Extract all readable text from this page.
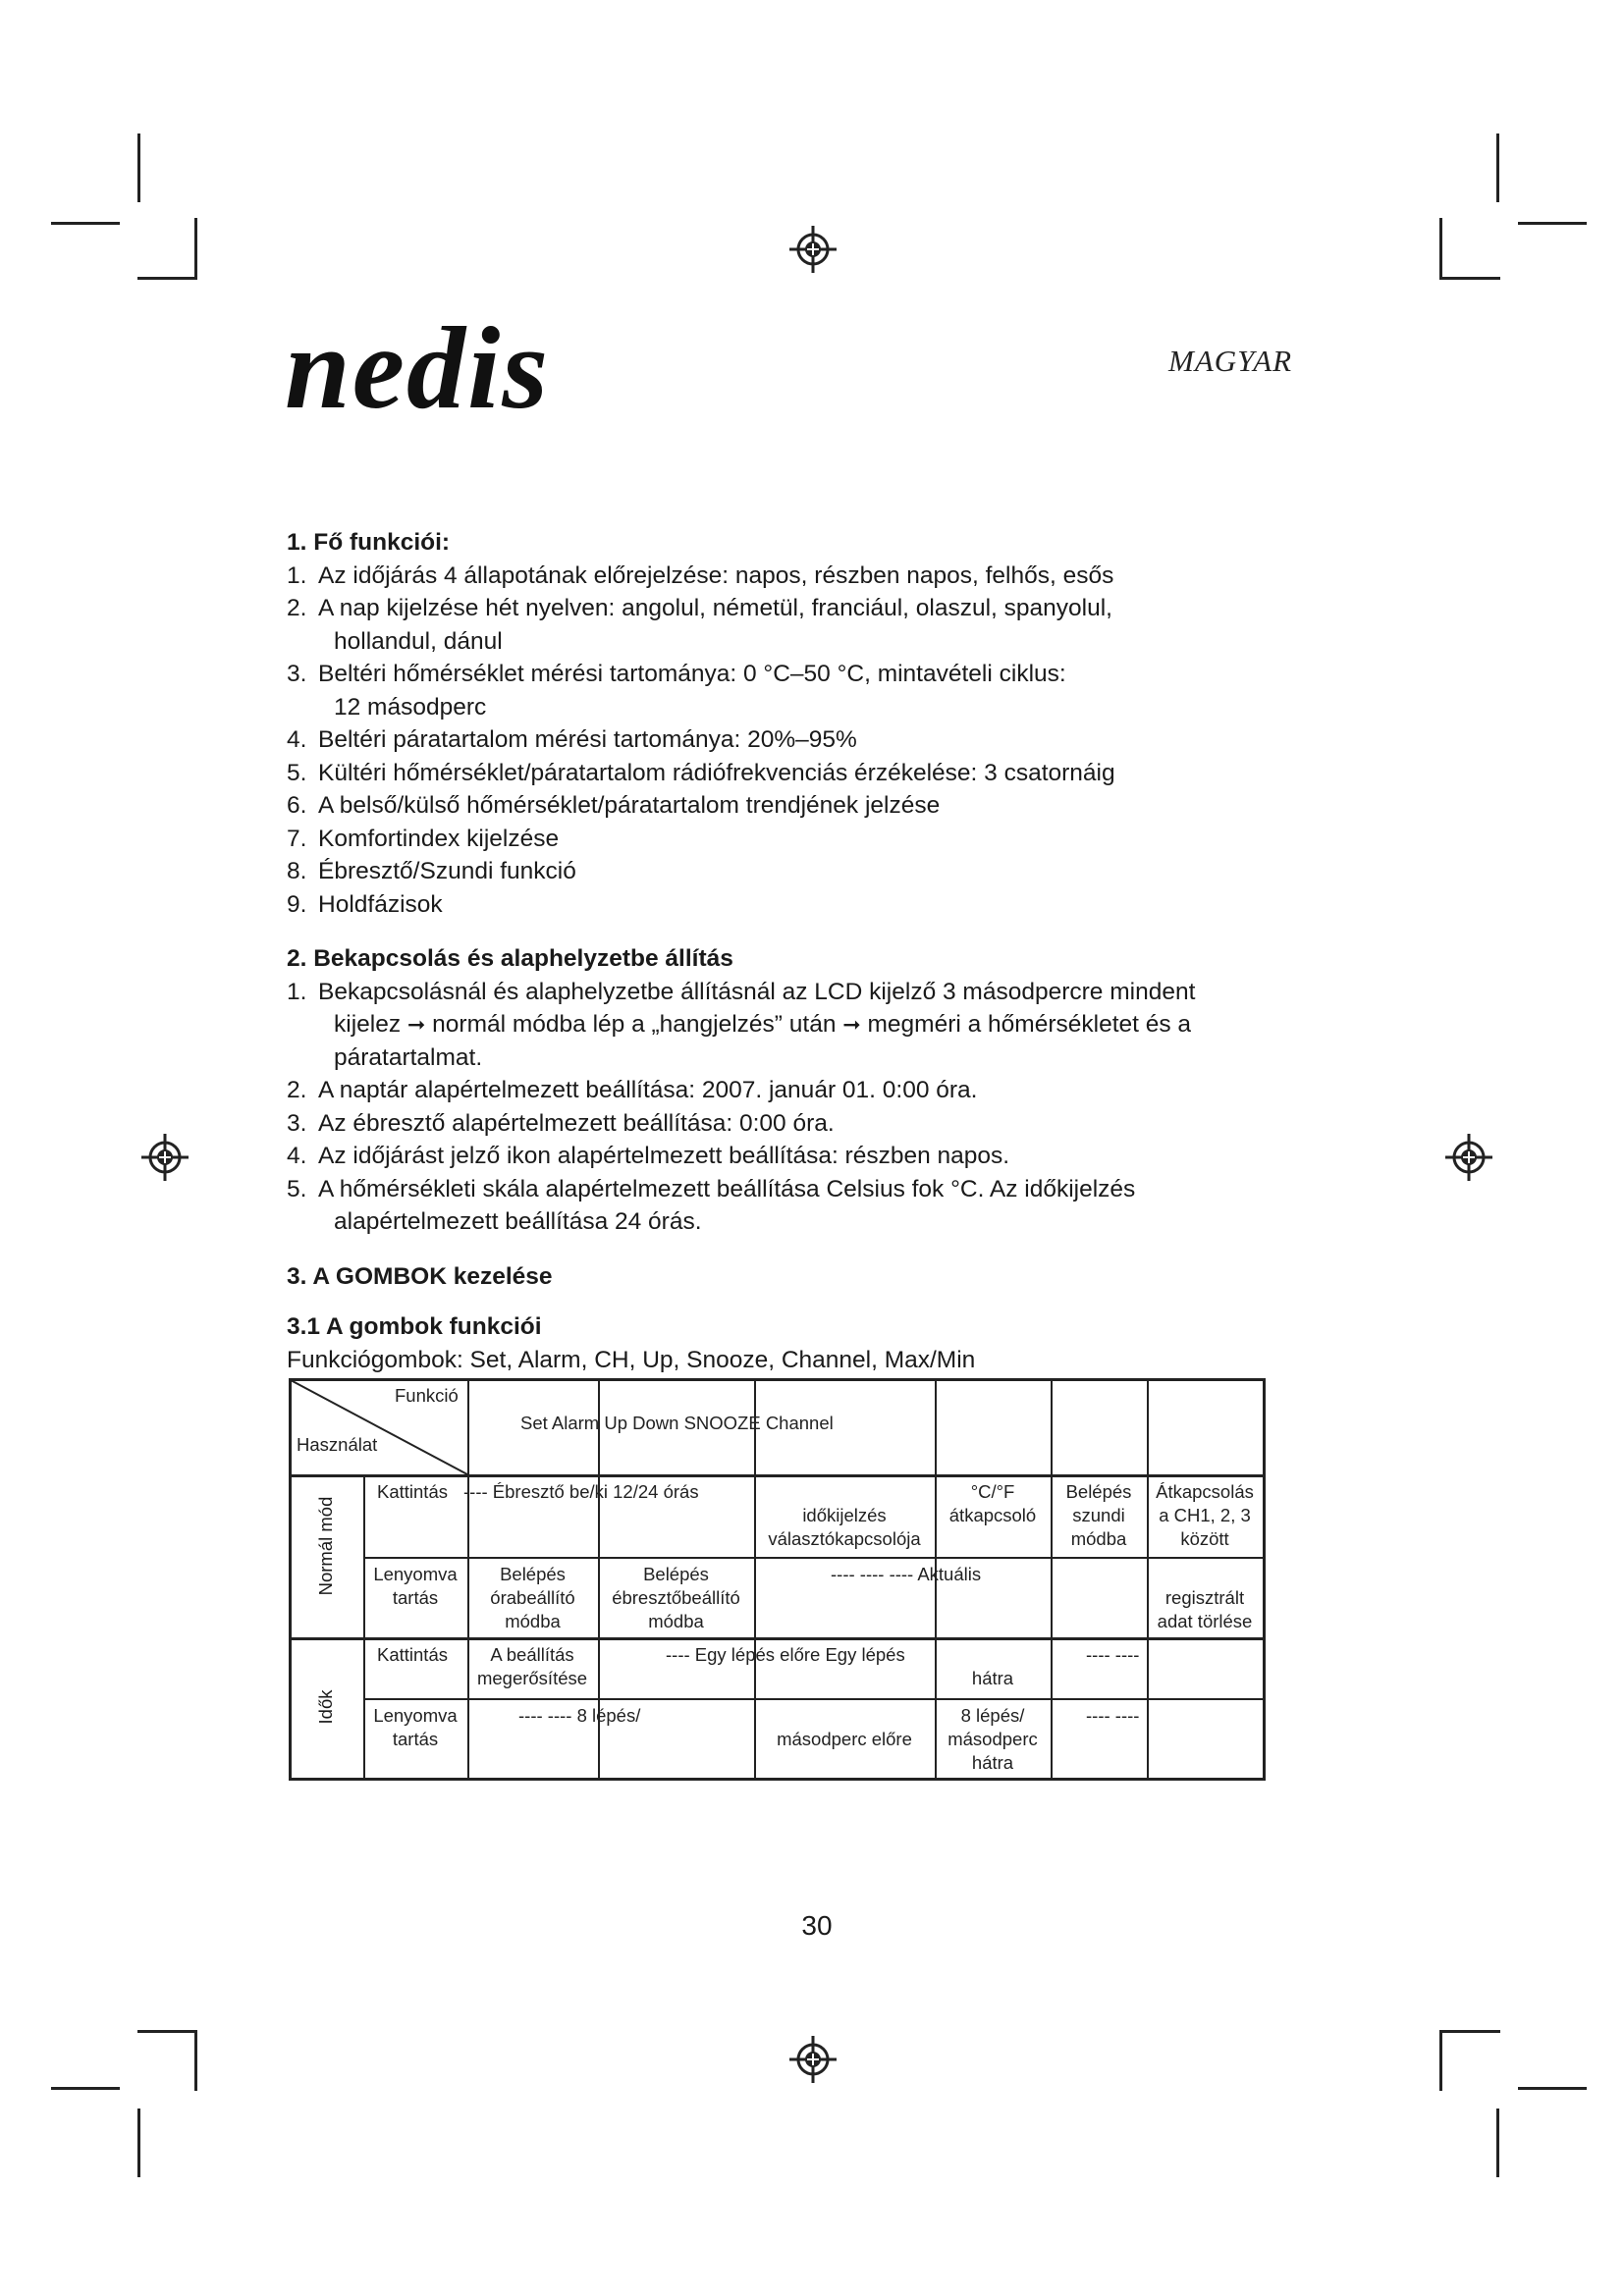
nedis	MAGYAR
1. Fő funkciói:
1. Az időjárás 4 állapotának előrejelzése: napos, részben napos, felhős, esős
2. A nap kijelzése hét nyelven: angolul, németül, franciául, olaszul, spanyolul,
hollandul, dánul
3. Beltéri hőmérséklet mérési tartománya: 0 °C–50 °C, mintavételi ciklus:
12 másodperc
4. Beltéri páratartalom mérési tartománya: 20%–95%
5. Kültéri hőmérséklet/páratartalom rádiófrekvenciás érzékelése: 3 csatornáig
6. A belső/külső hőmérséklet/páratartalom trendjének jelzése
7. Komfortindex kijelzése
8. Ébresztő/Szundi funkció
9. Holdfázisok
2. Bekapcsolás és alaphelyzetbe állítás
1. Bekapcsolásnál és alaphelyzetbe állításnál az LCD kijelző 3 másodpercre mindent
kijelez ➞ normál módba lép a „hangjelzés” után ➞ megméri a hőmérsékletet és a
páratartalmat.
2. A naptár alapértelmezett beállítása: 2007. január 01. 0:00 óra.
3. Az ébresztő alapértelmezett beállítása: 0:00 óra.
4. Az időjárást jelző ikon alapértelmezett beállítása: részben napos.
5. A hőmérsékleti skála alapértelmezett beállítása Celsius fok °C. Az időkijelzés
alapértelmezett beállítása 24 órás.
3. A GOMBOK kezelése
3.1 A gombok funkciói

Funkciógombok: Set, Alarm, CH, Up, Snooze, Channel, Max/Min

Funkció
Használat
Set Alarm Up Down SNOOZE Channel
Normál mód
Idők
Kattintás ---- Ébresztő be/ki 12/24 órás
időkijelzés
választókapcsolója
°C/°F
átkapcsoló
Belépés
szundi
módba
Átkapcsolás
a CH1, 2, 3
között
Lenyomva
tartás
Belépés
órabeállító
módba
Belépés
ébresztőbeállító
módba
---- ---- ---- Aktuális
regisztrált
adat törlése
Kattintás	A beállítás
megerősítése
---- Egy lépés előre Egy lépés
hátra
---- ----
Lenyomva
tartás
---- ---- 8 lépés/
másodperc előre
8 lépés/
másodperc
hátra
---- ----
30
